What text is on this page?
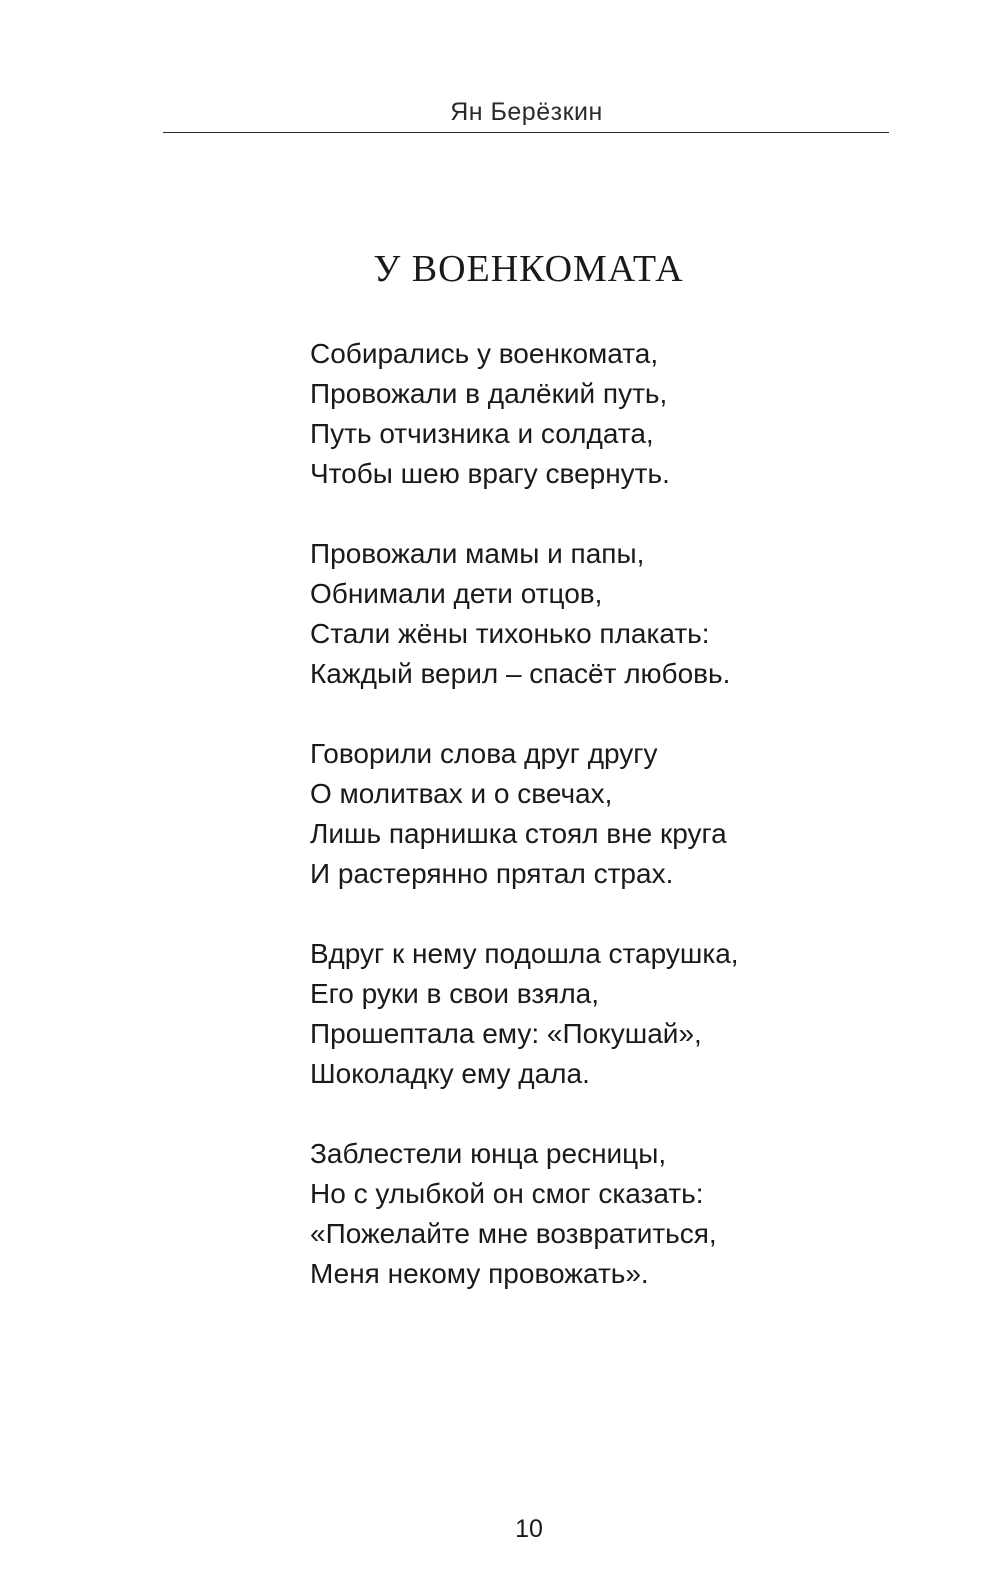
Ян Берёзкин
У ВОЕНКОМАТА
Собирались у военкомата,
Провожали в далёкий путь,
Путь отчизника и солдата,
Чтобы шею врагу свернуть.
Провожали мамы и папы,
Обнимали дети отцов,
Стали жёны тихонько плакать:
Каждый верил – спасёт любовь.
Говорили слова друг другу
О молитвах и о свечах,
Лишь парнишка стоял вне круга
И растерянно прятал страх.
Вдруг к нему подошла старушка,
Его руки в свои взяла,
Прошептала ему: «Покушай»,
Шоколадку ему дала.
Заблестели юнца ресницы,
Но с улыбкой он смог сказать:
«Пожелайте мне возвратиться,
Меня некому провожать».
10
